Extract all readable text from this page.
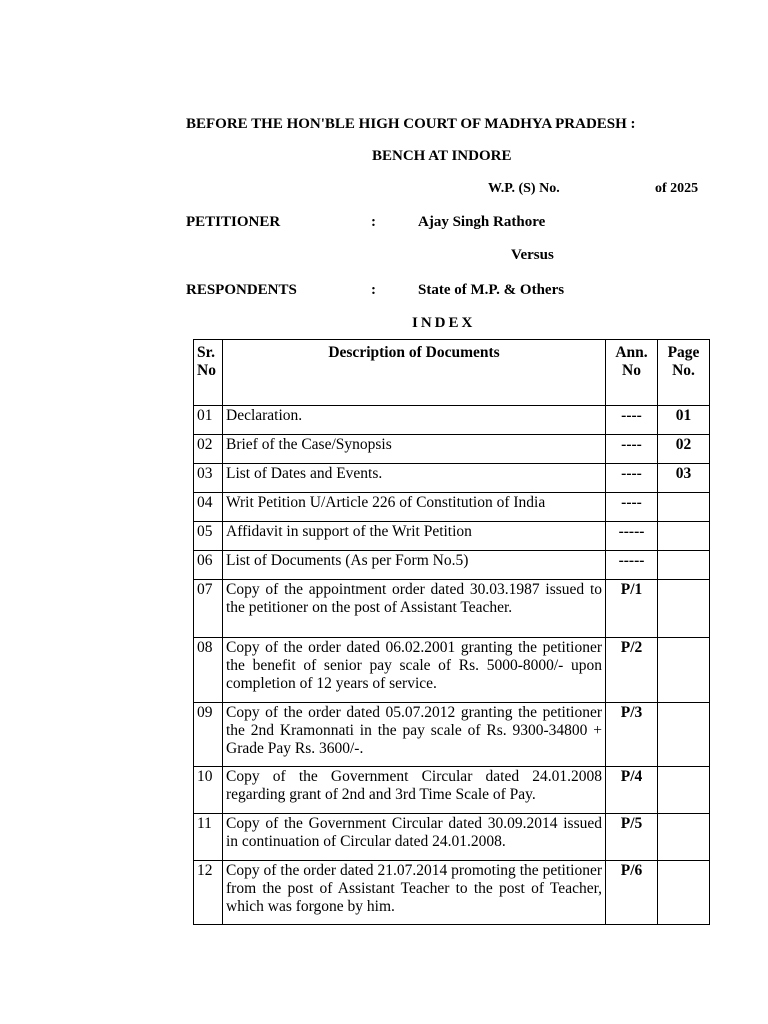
BEFORE THE HON'BLE HIGH COURT OF MADHYA PRADESH :
BENCH AT INDORE
W.P. (S) No.	of 2025
PETITIONER	:	Ajay Singh Rathore
Versus
RESPONDENTS	:	State of M.P. & Others
INDEX
Sr.No	Description of Documents	Ann. No	Page No.
01	Declaration.	----	01
02	Brief of the Case/Synopsis	----	02
03	List of Dates and Events.	----	03
04	Writ Petition U/Article 226 of Constitution of India	----	
05	Affidavit in support of the Writ Petition	-----	
06	List of Documents (As per Form No.5)	-----	
07	Copy of the appointment order dated 30.03.1987 issued to the petitioner on the post of Assistant Teacher.	P/1	
08	Copy of the order dated 06.02.2001 granting the petitioner the benefit of senior pay scale of Rs. 5000-8000/- upon completion of 12 years of service.	P/2	
09	Copy of the order dated 05.07.2012 granting the petitioner the 2nd Kramonnati in the pay scale of Rs. 9300-34800 + Grade Pay Rs. 3600/-.	P/3	
10	Copy of the Government Circular dated 24.01.2008 regarding grant of 2nd and 3rd Time Scale of Pay.	P/4	
11	Copy of the Government Circular dated 30.09.2014 issued in continuation of Circular dated 24.01.2008.	P/5	
12	Copy of the order dated 21.07.2014 promoting the petitioner from the post of Assistant Teacher to the post of Teacher, which was forgone by him.	P/6	
